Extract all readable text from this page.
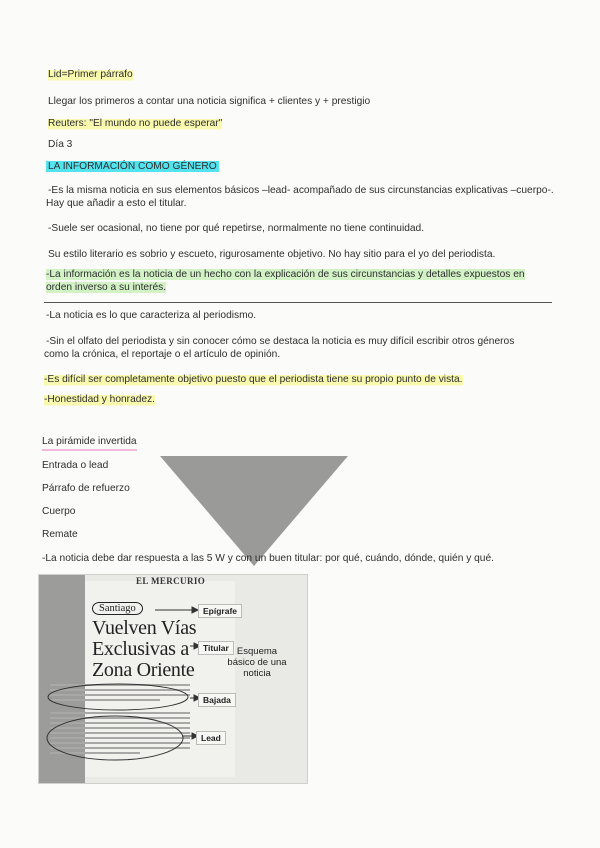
Lid=Primer párrafo
Llegar los primeros a contar una noticia significa + clientes y + prestigio
Reuters: "El mundo no puede esperar"
Día 3
LA INFORMACIÓN COMO GÉNERO
-Es la misma noticia en sus elementos básicos –lead- acompañado de sus circunstancias explicativas –cuerpo-.
Hay que añadir a esto el titular.
-Suele ser ocasional, no tiene por qué repetirse, normalmente no tiene continuidad.
Su estilo literario es sobrio y escueto, rigurosamente objetivo. No hay sitio para el yo del periodista.
-La información es la noticia de un hecho con la explicación de sus circunstancias y detalles expuestos en
orden inverso a su interés.
-La noticia es lo que caracteriza al periodismo.
-Sin el olfato del periodista y sin conocer cómo se destaca la noticia es muy difícil escribir otros géneros
como la crónica, el reportaje o el artículo de opinión.
-Es difícil ser completamente objetivo puesto que el periodista tiene su propio punto de vista.
-Honestidad y honradez.
La pirámide invertida
Entrada o lead
Párrafo de refuerzo
Cuerpo
Remate
-La noticia debe dar respuesta a las 5 W y con un buen titular: por qué, cuándo, dónde, quién y qué.
EL MERCURIO
Santiago
Vuelven Vías
Exclusivas a
Zona Oriente
Epígrafe
Titular
Bajada
Lead
Esquema
básico de una
noticia
